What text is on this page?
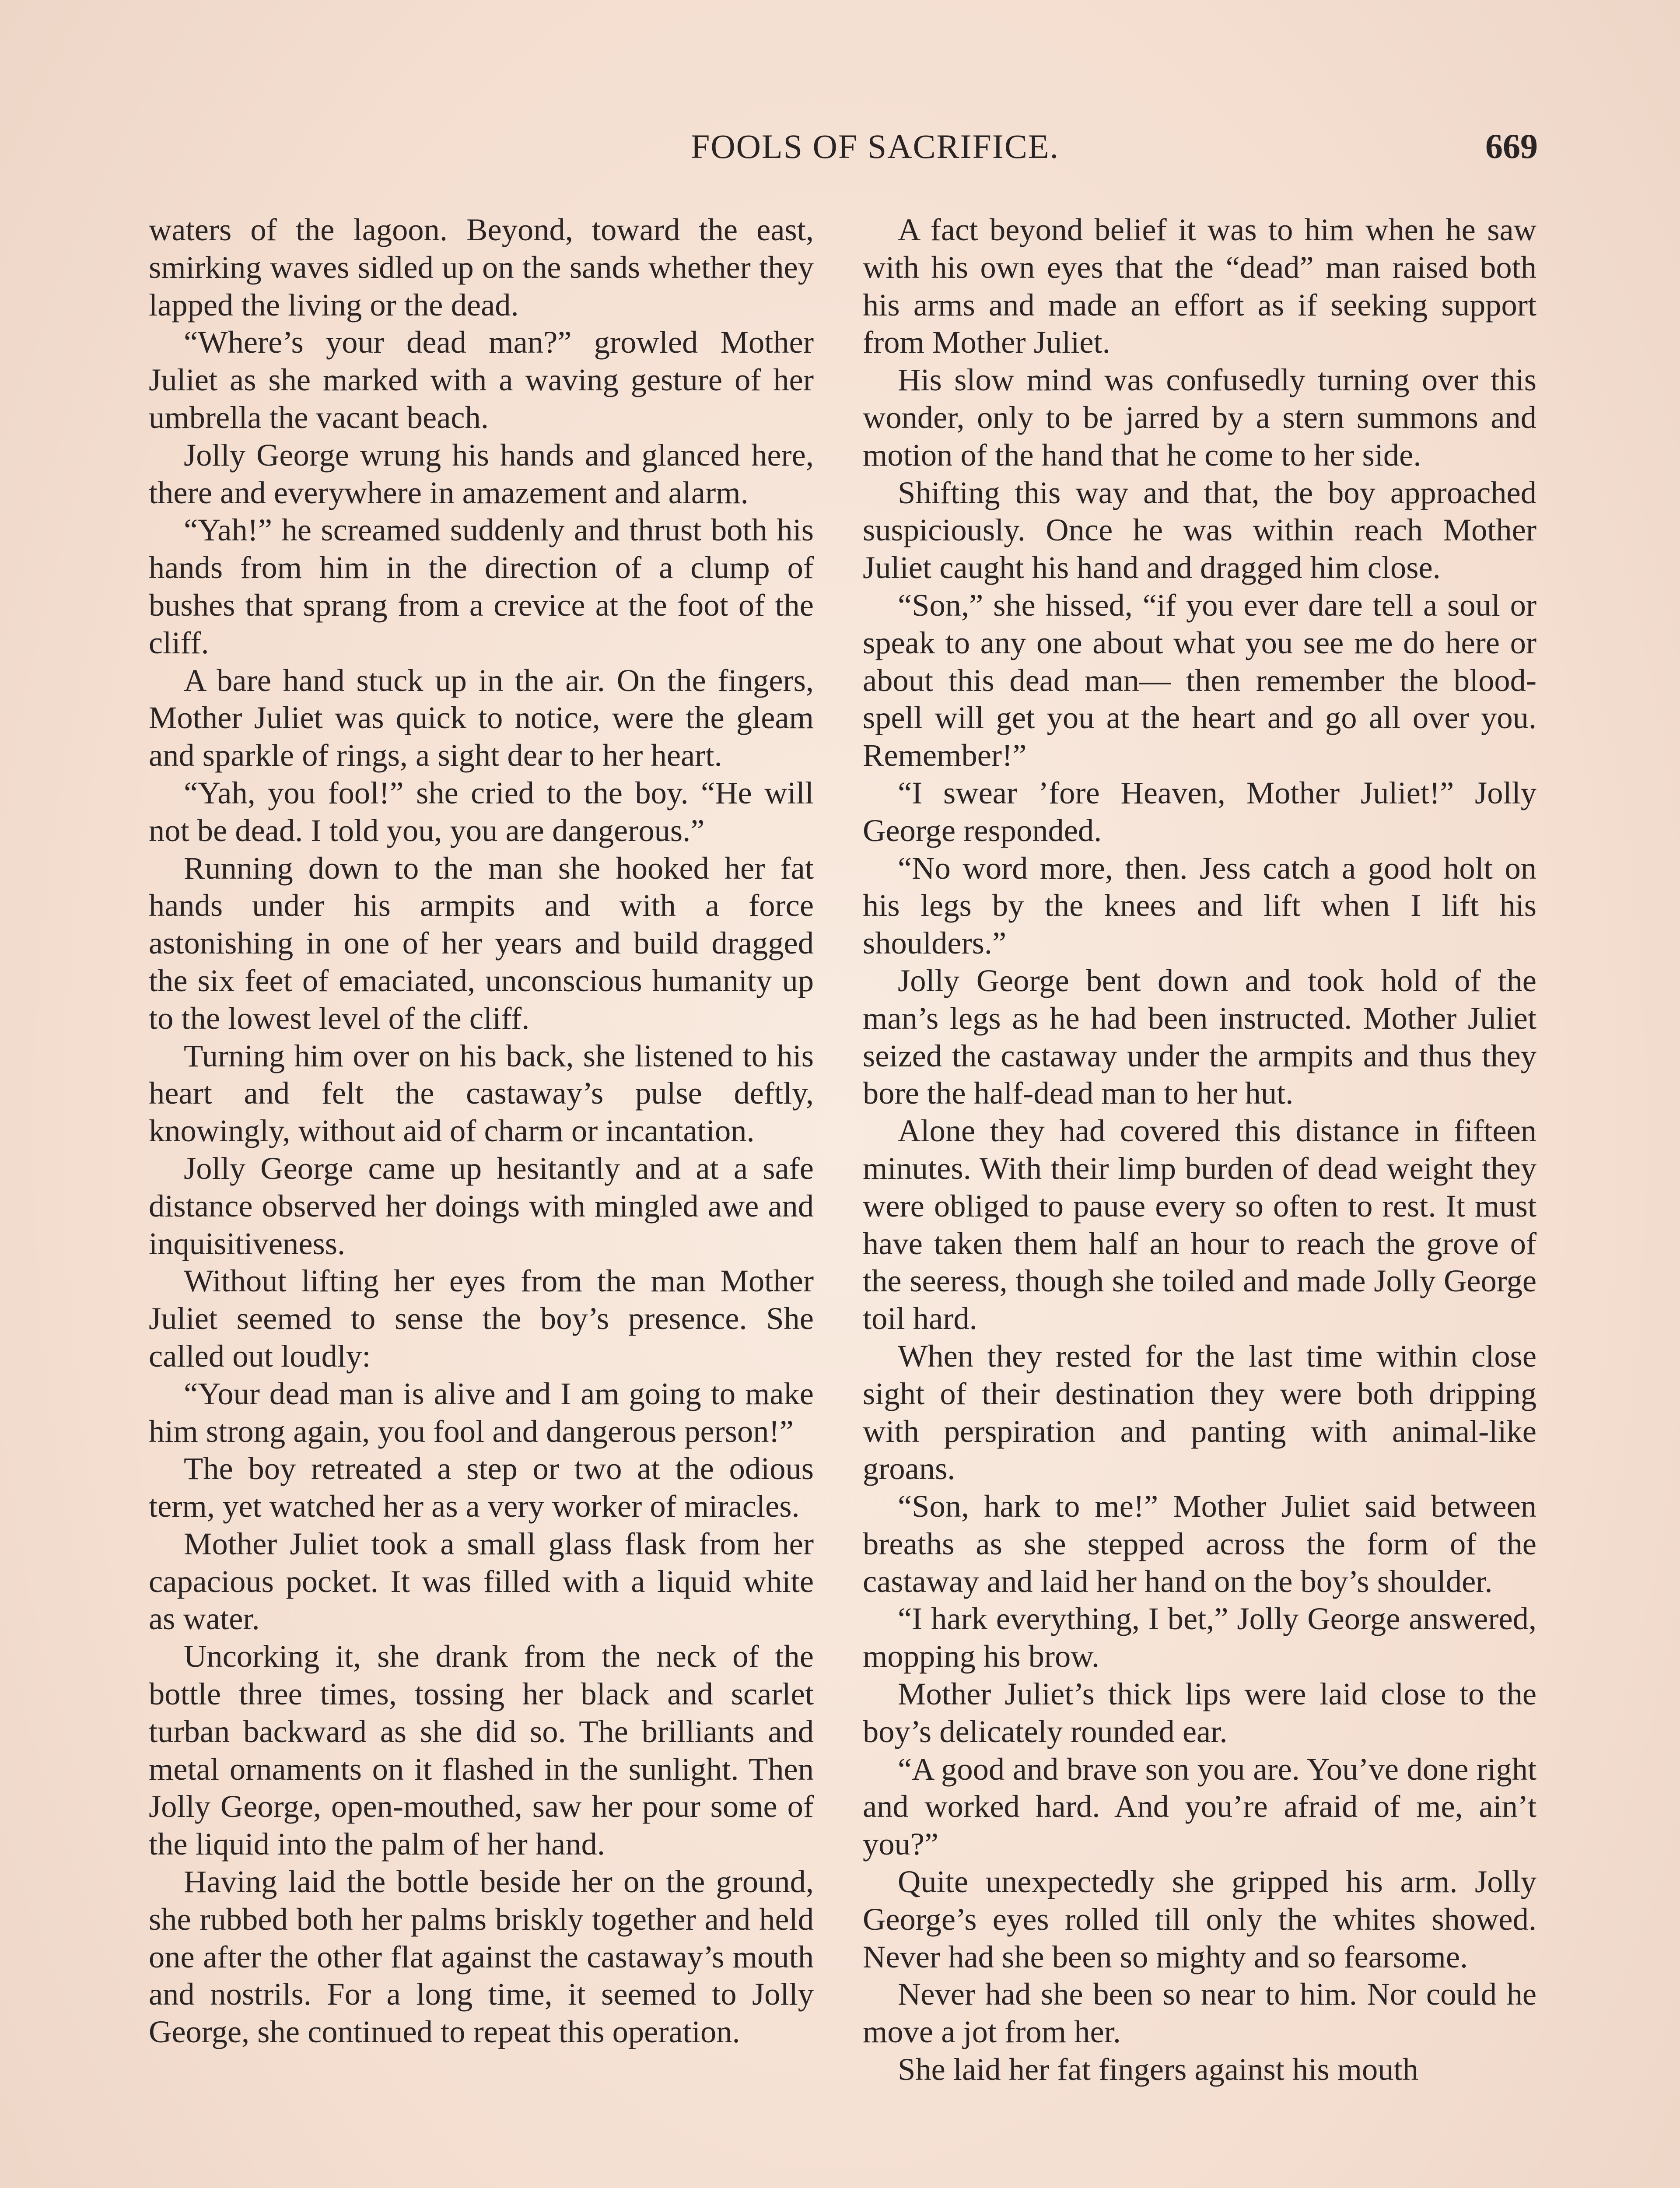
FOOLS OF SACRIFICE.	669

waters of the lagoon. Beyond, toward the east, smirking waves sidled up on the sands whether they lapped the living or the dead.

“Where’s your dead man?” growled Mother Juliet as she marked with a waving gesture of her umbrella the vacant beach.

Jolly George wrung his hands and glanced here, there and everywhere in amazement and alarm.

“Yah!” he screamed suddenly and thrust both his hands from him in the direction of a clump of bushes that sprang from a crevice at the foot of the cliff.

A bare hand stuck up in the air. On the fingers, Mother Juliet was quick to notice, were the gleam and sparkle of rings, a sight dear to her heart.

“Yah, you fool!” she cried to the boy. “He will not be dead. I told you, you are dangerous.”

Running down to the man she hooked her fat hands under his armpits and with a force astonishing in one of her years and build dragged the six feet of emaciated, unconscious humanity up to the lowest level of the cliff.

Turning him over on his back, she listened to his heart and felt the castaway’s pulse deftly, knowingly, without aid of charm or incantation.

Jolly George came up hesitantly and at a safe distance observed her doings with mingled awe and inquisitiveness.

Without lifting her eyes from the man Mother Juliet seemed to sense the boy’s presence. She called out loudly:

“Your dead man is alive and I am going to make him strong again, you fool and dangerous person!”

The boy retreated a step or two at the odious term, yet watched her as a very worker of miracles.

Mother Juliet took a small glass flask from her capacious pocket. It was filled with a liquid white as water.

Uncorking it, she drank from the neck of the bottle three times, tossing her black and scarlet turban backward as she did so. The brilliants and metal ornaments on it flashed in the sunlight. Then Jolly George, open-mouthed, saw her pour some of the liquid into the palm of her hand.

Having laid the bottle beside her on the ground, she rubbed both her palms briskly together and held one after the other flat against the castaway’s mouth and nostrils. For a long time, it seemed to Jolly George, she continued to repeat this operation.

A fact beyond belief it was to him when he saw with his own eyes that the “dead” man raised both his arms and made an effort as if seeking support from Mother Juliet.

His slow mind was confusedly turning over this wonder, only to be jarred by a stern summons and motion of the hand that he come to her side.

Shifting this way and that, the boy approached suspiciously. Once he was within reach Mother Juliet caught his hand and dragged him close.

“Son,” she hissed, “if you ever dare tell a soul or speak to any one about what you see me do here or about this dead man— then remember the blood-spell will get you at the heart and go all over you. Remember!”

“I swear ’fore Heaven, Mother Juliet!” Jolly George responded.

“No word more, then. Jess catch a good holt on his legs by the knees and lift when I lift his shoulders.”

Jolly George bent down and took hold of the man’s legs as he had been instructed. Mother Juliet seized the castaway under the armpits and thus they bore the half-dead man to her hut.

Alone they had covered this distance in fifteen minutes. With their limp burden of dead weight they were obliged to pause every so often to rest. It must have taken them half an hour to reach the grove of the seeress, though she toiled and made Jolly George toil hard.

When they rested for the last time within close sight of their destination they were both dripping with perspiration and panting with animal-like groans.

“Son, hark to me!” Mother Juliet said between breaths as she stepped across the form of the castaway and laid her hand on the boy’s shoulder.

“I hark everything, I bet,” Jolly George answered, mopping his brow.

Mother Juliet’s thick lips were laid close to the boy’s delicately rounded ear.

“A good and brave son you are. You’ve done right and worked hard. And you’re afraid of me, ain’t you?”

Quite unexpectedly she gripped his arm. Jolly George’s eyes rolled till only the whites showed. Never had she been so mighty and so fearsome.

Never had she been so near to him. Nor could he move a jot from her.

She laid her fat fingers against his mouth
